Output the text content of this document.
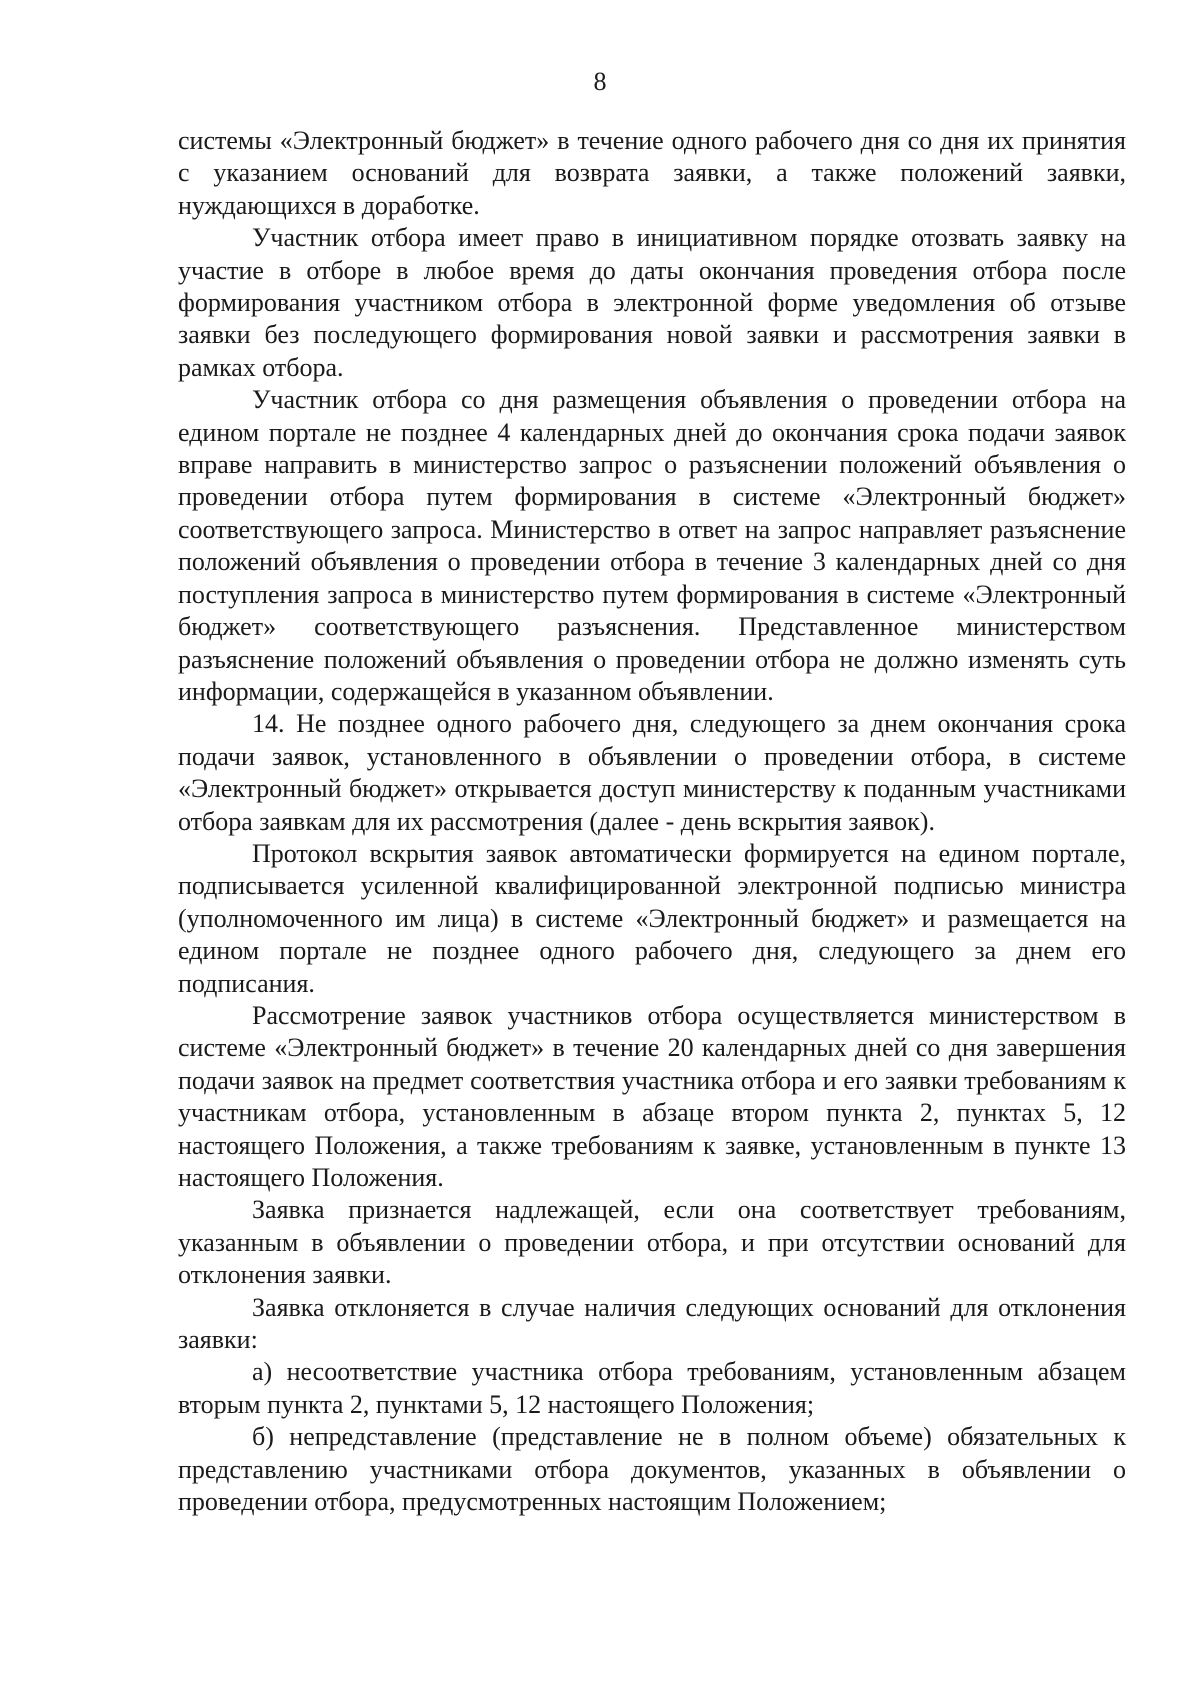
8

системы «Электронный бюджет» в течение одного рабочего дня со дня их принятия с указанием оснований для возврата заявки, а также положений заявки, нуждающихся в доработке.

Участник отбора имеет право в инициативном порядке отозвать заявку на участие в отборе в любое время до даты окончания проведения отбора после формирования участником отбора в электронной форме уведомления об отзыве заявки без последующего формирования новой заявки и рассмотрения заявки в рамках отбора.

Участник отбора со дня размещения объявления о проведении отбора на едином портале не позднее 4 календарных дней до окончания срока подачи заявок вправе направить в министерство запрос о разъяснении положений объявления о проведении отбора путем формирования в системе «Электронный бюджет» соответствующего запроса. Министерство в ответ на запрос направляет разъяснение положений объявления о проведении отбора в течение 3 календарных дней со дня поступления запроса в министерство путем формирования в системе «Электронный бюджет» соответствующего разъяснения. Представленное министерством разъяснение положений объявления о проведении отбора не должно изменять суть информации, содержащейся в указанном объявлении.

14. Не позднее одного рабочего дня, следующего за днем окончания срока подачи заявок, установленного в объявлении о проведении отбора, в системе «Электронный бюджет» открывается доступ министерству к поданным участниками отбора заявкам для их рассмотрения (далее - день вскрытия заявок).

Протокол вскрытия заявок автоматически формируется на едином портале, подписывается усиленной квалифицированной электронной подписью министра (уполномоченного им лица) в системе «Электронный бюджет» и размещается на едином портале не позднее одного рабочего дня, следующего за днем его подписания.

Рассмотрение заявок участников отбора осуществляется министерством в системе «Электронный бюджет» в течение 20 календарных дней со дня завершения подачи заявок на предмет соответствия участника отбора и его заявки требованиям к участникам отбора, установленным в абзаце втором пункта 2, пунктах 5, 12 настоящего Положения, а также требованиям к заявке, установленным в пункте 13 настоящего Положения.

Заявка признается надлежащей, если она соответствует требованиям, указанным в объявлении о проведении отбора, и при отсутствии оснований для отклонения заявки.

Заявка отклоняется в случае наличия следующих оснований для отклонения заявки:

а) несоответствие участника отбора требованиям, установленным абзацем вторым пункта 2, пунктами 5, 12 настоящего Положения;

б) непредставление (представление не в полном объеме) обязательных к представлению участниками отбора документов, указанных в объявлении о проведении отбора, предусмотренных настоящим Положением;
